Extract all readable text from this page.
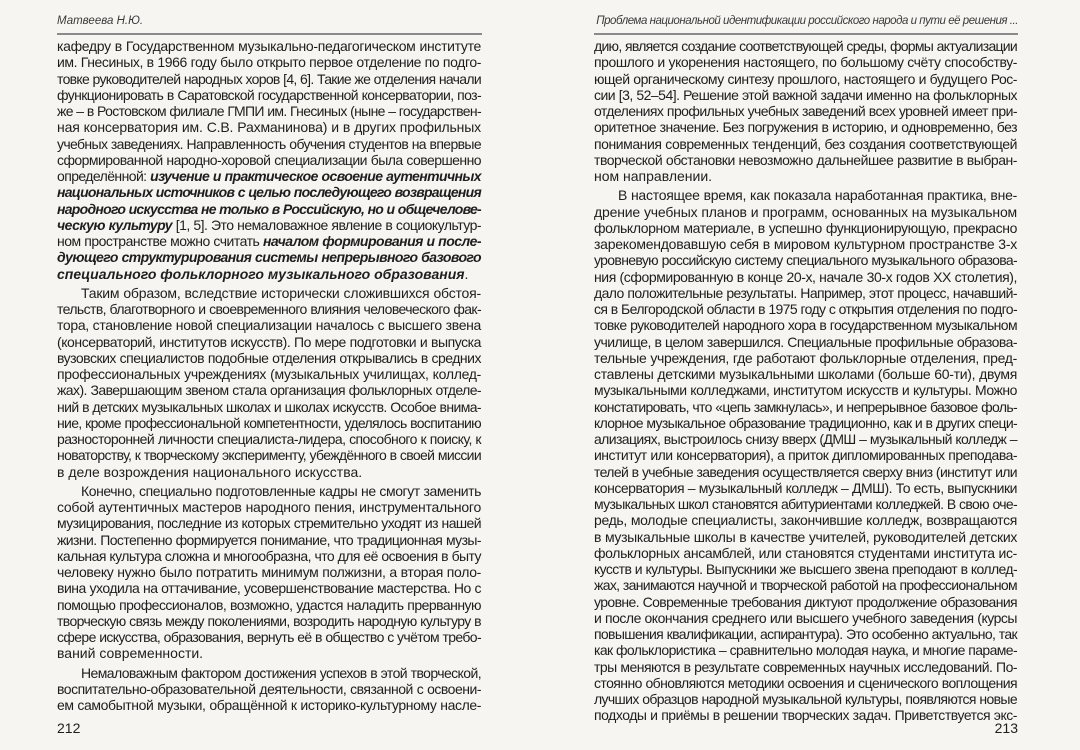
Матвеева Н.Ю.
кафедру в Государственном музыкально-педагогическом институте
им. Гнесиных, в 1966 году было открыто первое отделение по подго-
товке руководителей народных хоров [4, 6]. Такие же отделения начали
функционировать в Саратовской государственной консерватории, поз-
же – в Ростовском филиале ГМПИ им. Гнесиных (ныне – государствен-
ная консерватория им. С.В. Рахманинова) и в других профильных
учебных заведениях. Направленность обучения студентов на впервые
сформированной народно-хоровой специализации была совершенно
определённой: изучение и практическое освоение аутентичных
национальных источников с целью последующего возвращения
народного искусства не только в Российскую, но и общечелове-
ческую культуру [1, 5]. Это немаловажное явление в социокультур-
ном пространстве можно считать началом формирования и после-
дующего структурирования системы непрерывного базового
специального фольклорного музыкального образования.
Таким образом, вследствие исторически сложившихся обстоя-
тельств, благотворного и своевременного влияния человеческого фак-
тора, становление новой специализации началось с высшего звена
(консерваторий, институтов искусств). По мере подготовки и выпуска
вузовских специалистов подобные отделения открывались в средних
профессиональных учреждениях (музыкальных училищах, коллед-
жах). Завершающим звеном стала организация фольклорных отделе-
ний в детских музыкальных школах и школах искусств. Особое внима-
ние, кроме профессиональной компетентности, уделялось воспитанию
разносторонней личности специалиста-лидера, способного к поиску, к
новаторству, к творческому эксперименту, убеждённого в своей миссии
в деле возрождения национального искусства.
Конечно, специально подготовленные кадры не смогут заменить
собой аутентичных мастеров народного пения, инструментального
музицирования, последние из которых стремительно уходят из нашей
жизни. Постепенно формируется понимание, что традиционная музы-
кальная культура сложна и многообразна, что для её освоения в быту
человеку нужно было потратить минимум полжизни, а вторая поло-
вина уходила на оттачивание, усовершенствование мастерства. Но с
помощью профессионалов, возможно, удастся наладить прерванную
творческую связь между поколениями, возродить народную культуру в
сфере искусства, образования, вернуть её в общество с учётом требо-
ваний современности.
Немаловажным фактором достижения успехов в этой творческой,
воспитательно-образовательной деятельности, связанной с освоени-
ем самобытной музыки, обращённой к историко-культурному насле-
212
Проблема национальной идентификации российского народа и пути её решения ...
дию, является создание соответствующей среды, формы актуализации
прошлого и укоренения настоящего, по большому счёту способству-
ющей органическому синтезу прошлого, настоящего и будущего Рос-
сии [3, 52–54]. Решение этой важной задачи именно на фольклорных
отделениях профильных учебных заведений всех уровней имеет при-
оритетное значение. Без погружения в историю, и одновременно, без
понимания современных тенденций, без создания соответствующей
творческой обстановки невозможно дальнейшее развитие в выбран-
ном направлении.
В настоящее время, как показала наработанная практика, вне-
дрение учебных планов и программ, основанных на музыкальном
фольклорном материале, в успешно функционирующую, прекрасно
зарекомендовавшую себя в мировом культурном пространстве 3-х
уровневую российскую систему специального музыкального образова-
ния (сформированную в конце 20-х, начале 30-х годов XX столетия),
дало положительные результаты. Например, этот процесс, начавший-
ся в Белгородской области в 1975 году с открытия отделения по подго-
товке руководителей народного хора в государственном музыкальном
училище, в целом завершился. Специальные профильные образова-
тельные учреждения, где работают фольклорные отделения, пред-
ставлены детскими музыкальными школами (больше 60-ти), двумя
музыкальными колледжами, институтом искусств и культуры. Можно
констатировать, что «цепь замкнулась», и непрерывное базовое фоль-
клорное музыкальное образование традиционно, как и в других специ-
ализациях, выстроилось снизу вверх (ДМШ – музыкальный колледж –
институт или консерватория), а приток дипломированных преподава-
телей в учебные заведения осуществляется сверху вниз (институт или
консерватория – музыкальный колледж – ДМШ). То есть, выпускники
музыкальных школ становятся абитуриентами колледжей. В свою оче-
редь, молодые специалисты, закончившие колледж, возвращаются
в музыкальные школы в качестве учителей, руководителей детских
фольклорных ансамблей, или становятся студентами института ис-
кусств и культуры. Выпускники же высшего звена преподают в коллед-
жах, занимаются научной и творческой работой на профессиональном
уровне. Современные требования диктуют продолжение образования
и после окончания среднего или высшего учебного заведения (курсы
повышения квалификации, аспирантура). Это особенно актуально, так
как фольклористика – сравнительно молодая наука, и многие параме-
тры меняются в результате современных научных исследований. По-
стоянно обновляются методики освоения и сценического воплощения
лучших образцов народной музыкальной культуры, появляются новые
подходы и приёмы в решении творческих задач. Приветствуется экс-
213
